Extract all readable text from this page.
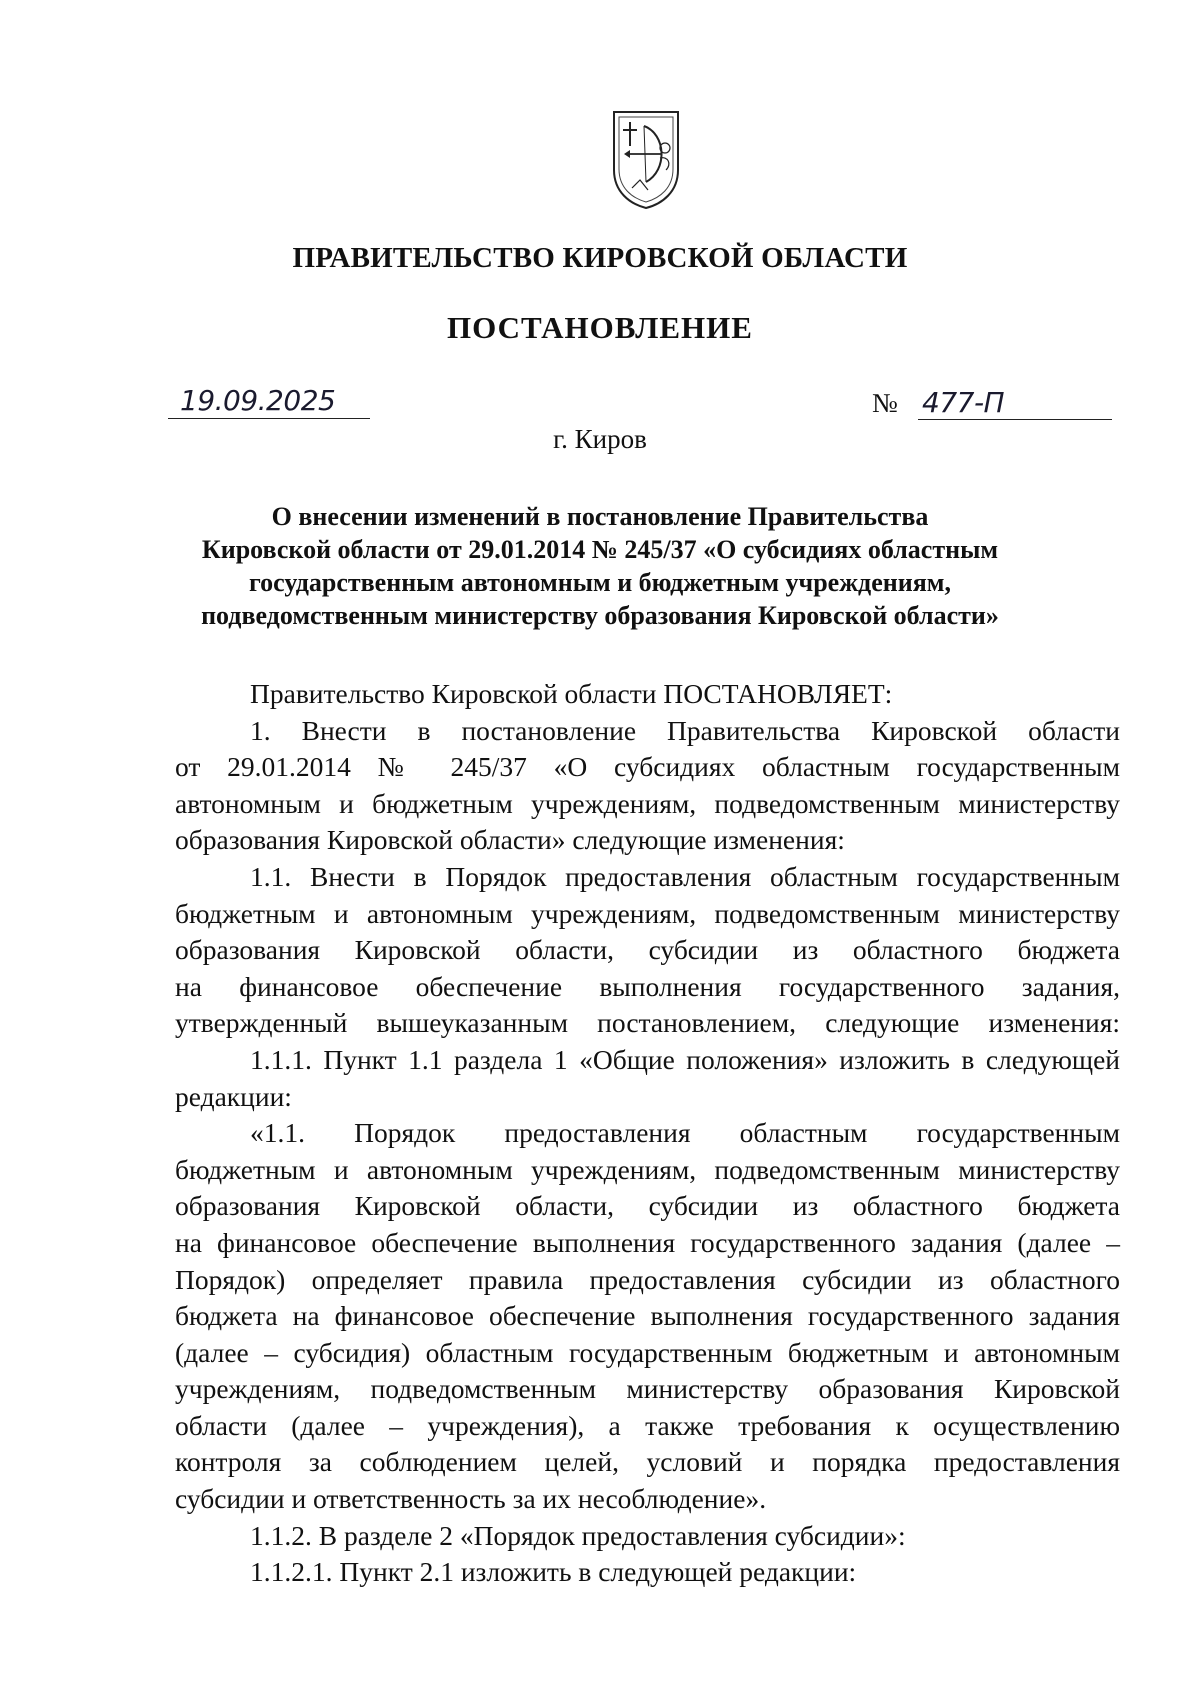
ПРАВИТЕЛЬСТВО КИРОВСКОЙ ОБЛАСТИ
ПОСТАНОВЛЕНИЕ
19.09.2025	№ 477-П
г. Киров
О внесении изменений в постановление Правительства
Кировской области от 29.01.2014 № 245/37 «О субсидиях областным
государственным автономным и бюджетным учреждениям,
подведомственным министерству образования Кировской области»
Правительство Кировской области ПОСТАНОВЛЯЕТ:
1. Внести в постановление Правительства Кировской области
от 29.01.2014 № 245/37 «О субсидиях областным государственным
автономным и бюджетным учреждениям, подведомственным министерству
образования Кировской области» следующие изменения:
1.1. Внести в Порядок предоставления областным государственным
бюджетным и автономным учреждениям, подведомственным министерству
образования Кировской области, субсидии из областного бюджета
на финансовое обеспечение выполнения государственного задания,
утвержденный вышеуказанным постановлением, следующие изменения:
1.1.1. Пункт 1.1 раздела 1 «Общие положения» изложить в следующей
редакции:
«1.1. Порядок предоставления областным государственным
бюджетным и автономным учреждениям, подведомственным министерству
образования Кировской области, субсидии из областного бюджета
на финансовое обеспечение выполнения государственного задания (далее –
Порядок) определяет правила предоставления субсидии из областного
бюджета на финансовое обеспечение выполнения государственного задания
(далее – субсидия) областным государственным бюджетным и автономным
учреждениям, подведомственным министерству образования Кировской
области (далее – учреждения), а также требования к осуществлению
контроля за соблюдением целей, условий и порядка предоставления
субсидии и ответственность за их несоблюдение».
1.1.2. В разделе 2 «Порядок предоставления субсидии»:
1.1.2.1. Пункт 2.1 изложить в следующей редакции:
